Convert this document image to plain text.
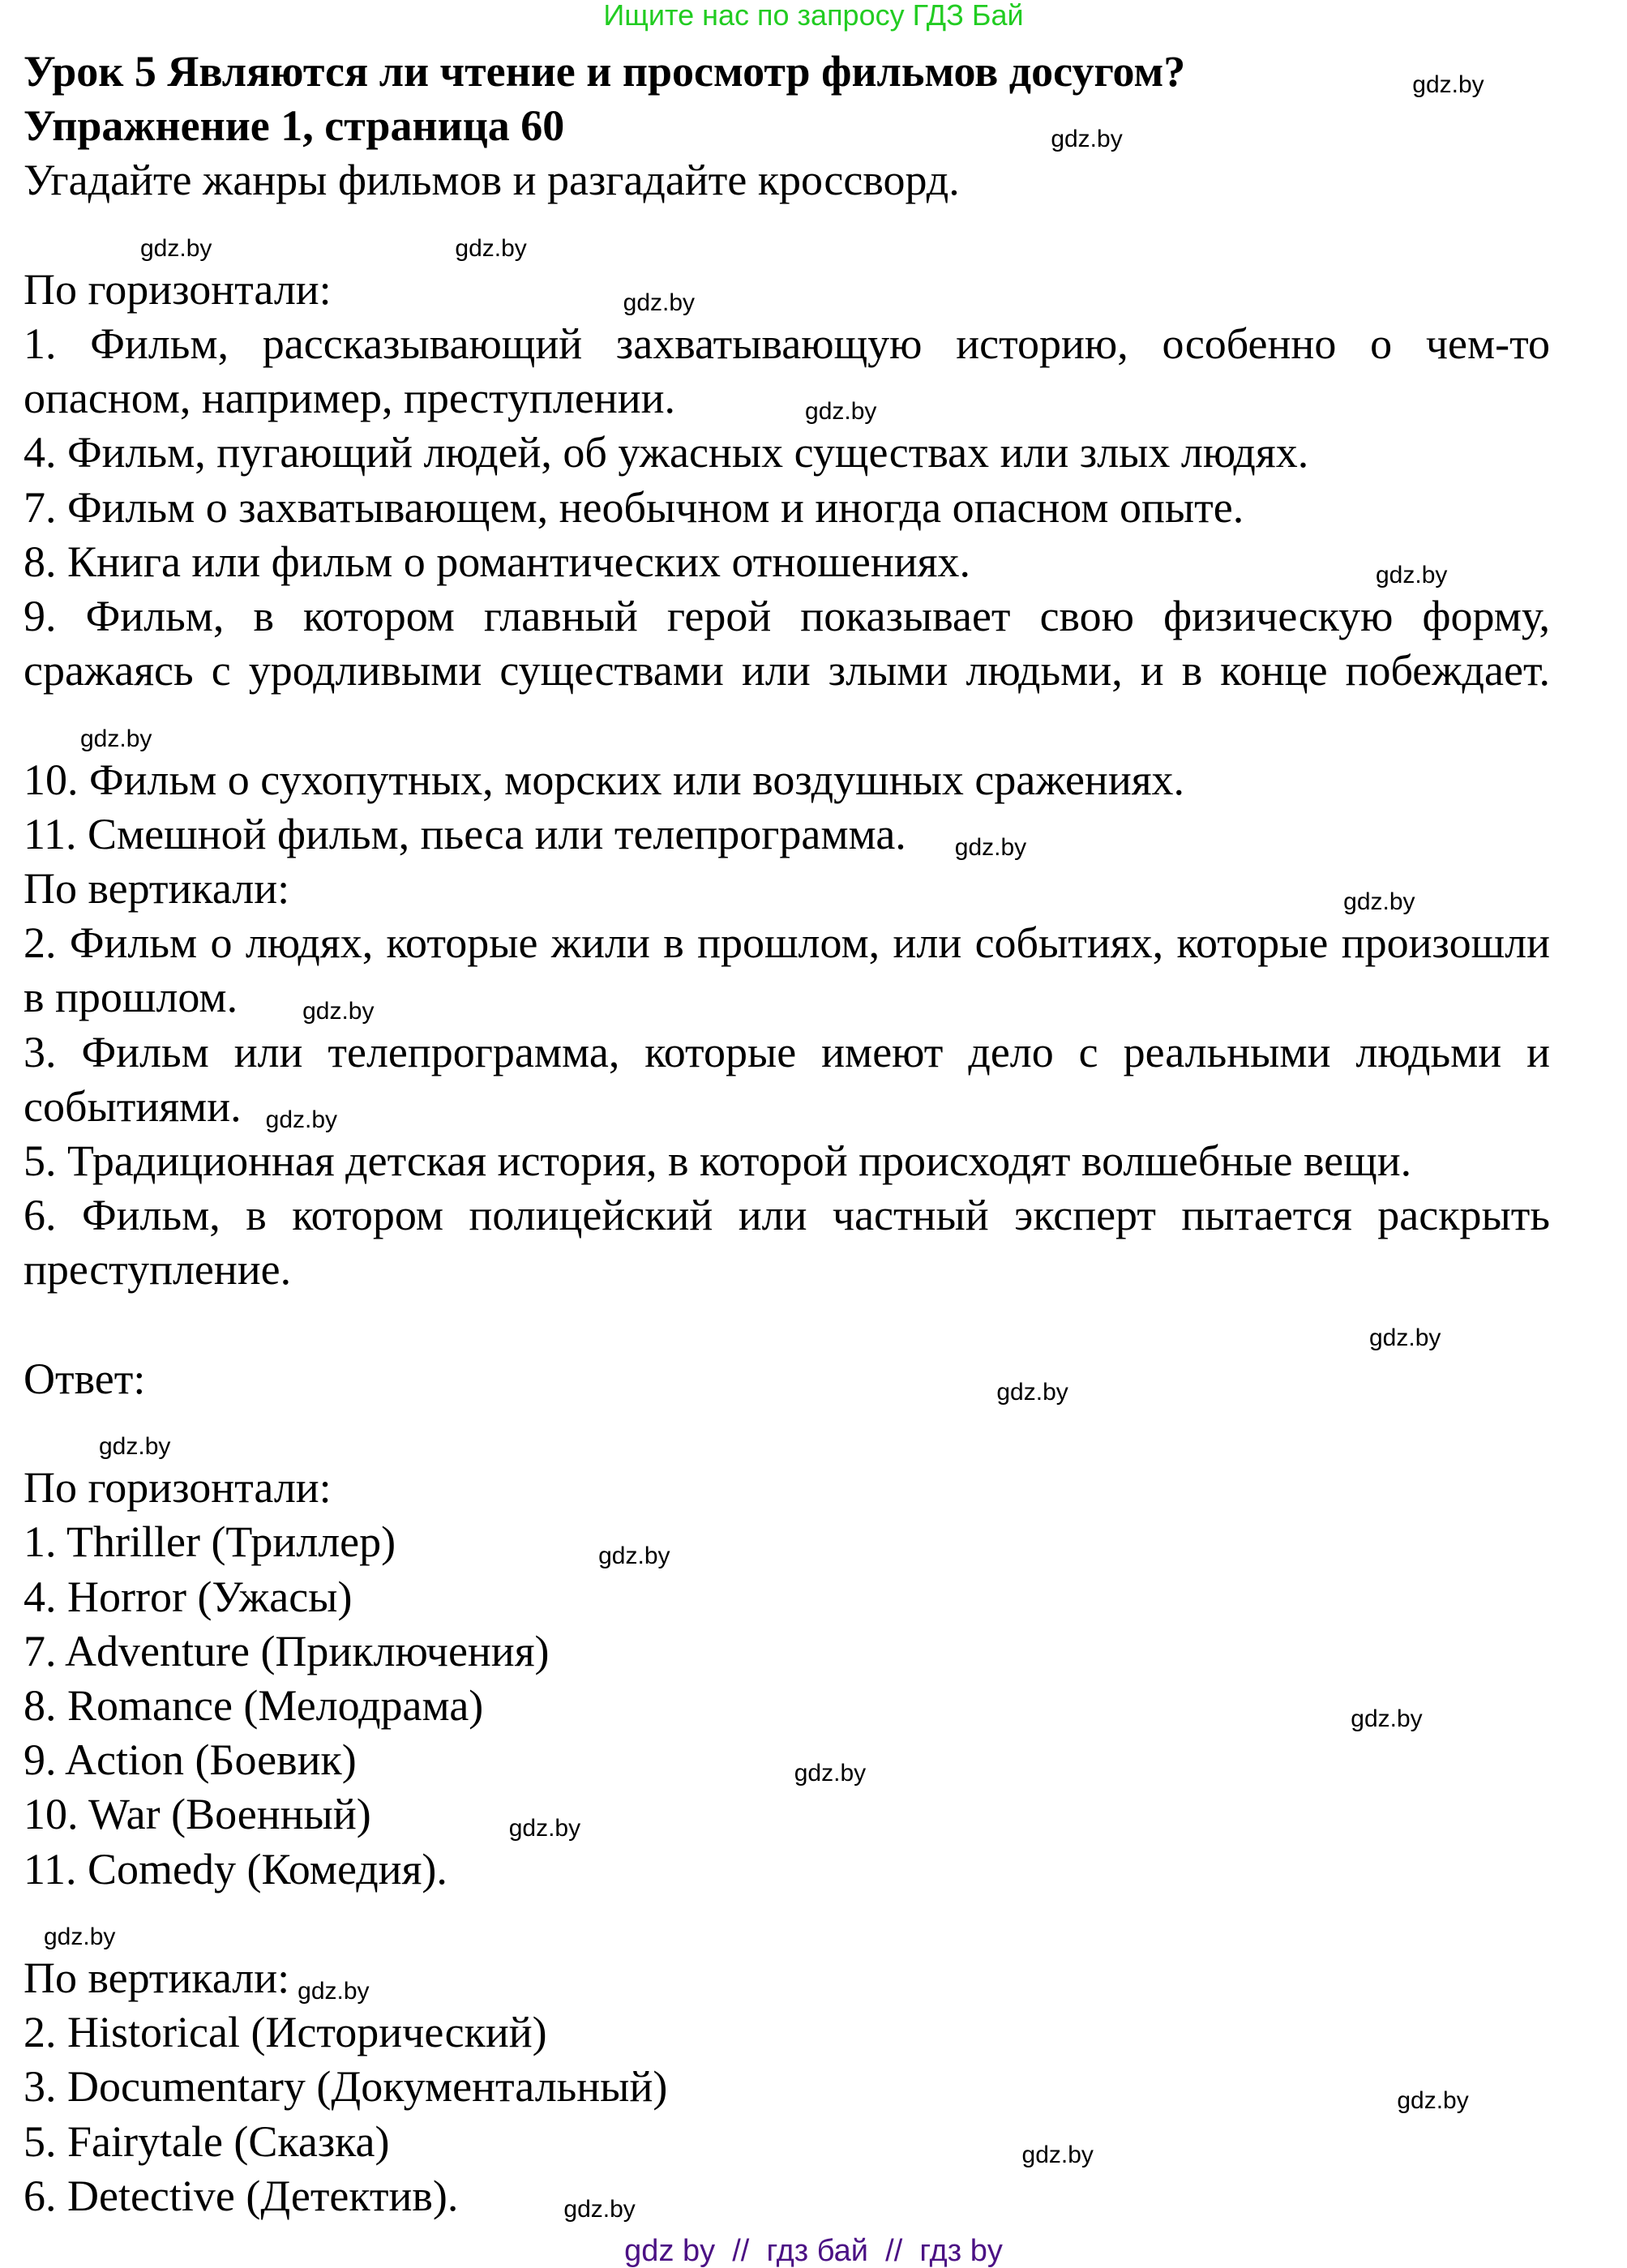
Ищите нас по запросу ГДЗ Бай

Урок 5 Являются ли чтение и просмотр фильмов досугом?	gdz.by

Упражнение 1, страница 60	gdz.by

Угадайте жанры фильмов и разгадайте кроссворд.

gdz.by	gdz.by

По горизонтали:	gdz.by

1. Фильм, рассказывающий захватывающую историю, особенно о чем-то опасном, например, преступлении.	gdz.by

4. Фильм, пугающий людей, об ужасных существах или злых людях.

7. Фильм о захватывающем, необычном и иногда опасном опыте.

8. Книга или фильм о романтических отношениях.	gdz.by

9. Фильм, в котором главный герой показывает свою физическую форму, сражаясь с уродливыми существами или злыми людьми, и в конце побеждает.gdz.by

10. Фильм о сухопутных, морских или воздушных сражениях.

11. Смешной фильм, пьеса или телепрограмма. gdz.by

По вертикали:	gdz.by

2. Фильм о людях, которые жили в прошлом, или событиях, которые произошли в прошлом.	gdz.by

3. Фильм или телепрограмма, которые имеют дело с реальными людьми и событиями. gdz.by

5. Традиционная детская история, в которой происходят волшебные вещи.

6. Фильм, в котором полицейский или частный эксперт пытается раскрыть преступление.

gdz.by

Ответ:	gdz.by

gdz.by

По горизонтали:

1. Thriller (Триллер)	gdz.by

4. Horror (Ужасы)

7. Adventure (Приключения)

8. Romance (Мелодрама)	gdz.by

9. Action (Боевик)	gdz.by

10. War (Военный)	gdz.by

11. Comedy (Комедия).

gdz.by

По вертикали: gdz.by

2. Historical (Исторический)

3. Documentary (Документальный)	gdz.by

5. Fairytale (Сказка)	gdz.by

6. Detective (Детектив).	gdz.by

gdz by  //  гдз бай  //  гдз by
